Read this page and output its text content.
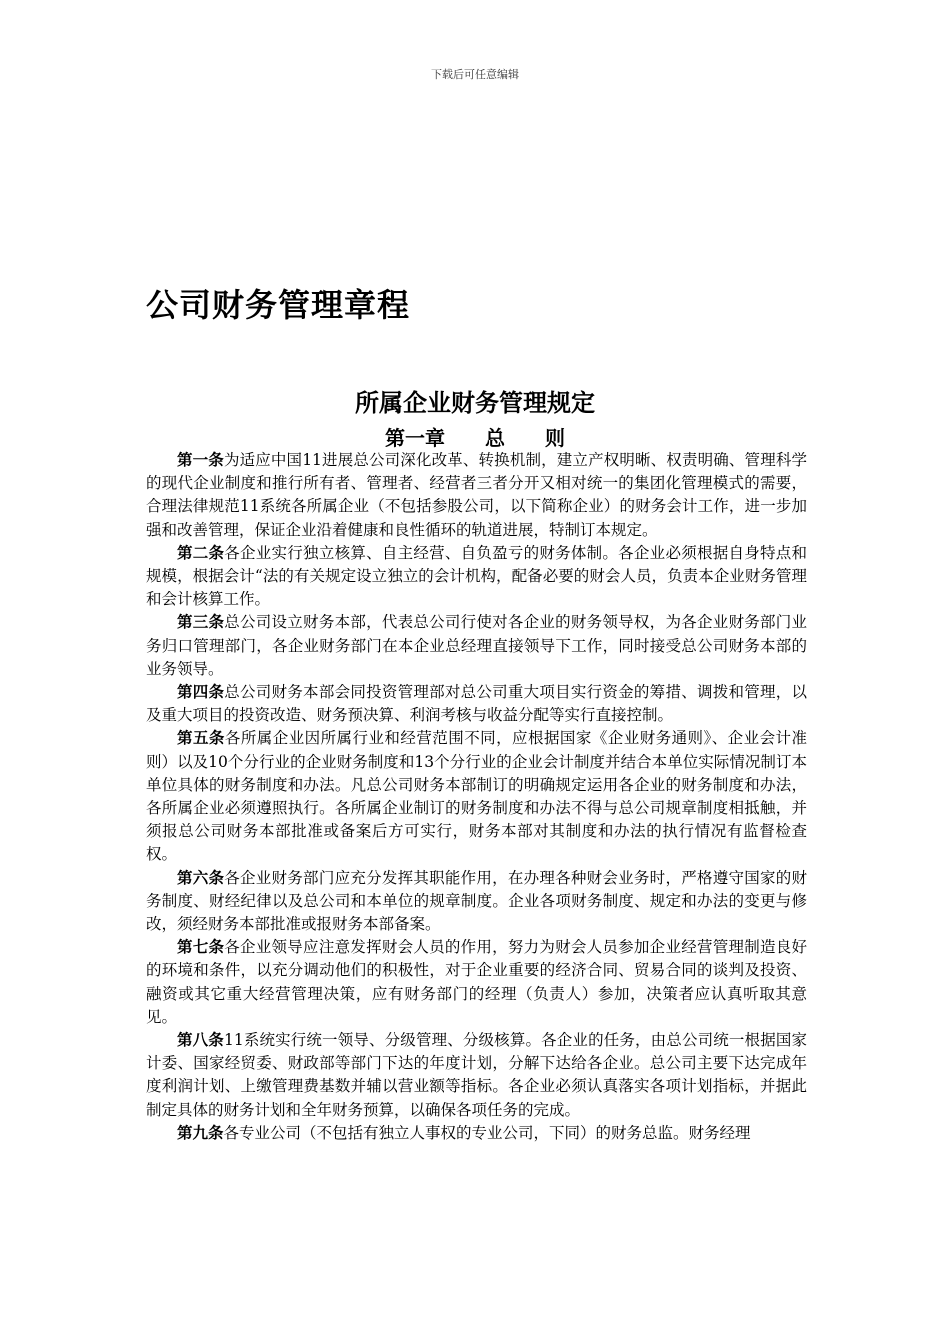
下载后可任意编辑
公司财务管理章程
所属企业财务管理规定
第一章 总 则

第一条为适应中国11进展总公司深化改革、转换机制，建立产权明晰、权责明确、管理科学的现代企业制度和推行所有者、管理者、经营者三者分开又相对统一的集团化管理模式的需要，合理法律规范11系统各所属企业（不包括参股公司，以下简称企业）的财务会计工作，进一步加强和改善管理，保证企业沿着健康和良性循环的轨道进展，特制订本规定。

第二条各企业实行独立核算、自主经营、自负盈亏的财务体制。各企业必须根据自身特点和规模，根据会计“法的有关规定设立独立的会计机构，配备必要的财会人员，负责本企业财务管理和会计核算工作。

第三条总公司设立财务本部，代表总公司行使对各企业的财务领导权，为各企业财务部门业务归口管理部门，各企业财务部门在本企业总经理直接领导下工作，同时接受总公司财务本部的业务领导。

第四条总公司财务本部会同投资管理部对总公司重大项目实行资金的筹措、调拨和管理，以及重大项目的投资改造、财务预决算、利润考核与收益分配等实行直接控制。

第五条各所属企业因所属行业和经营范围不同，应根据国家《企业财务通则》、企业会计准则）以及10个分行业的企业财务制度和13个分行业的企业会计制度并结合本单位实际情况制订本单位具体的财务制度和办法。凡总公司财务本部制订的明确规定运用各企业的财务制度和办法，各所属企业必须遵照执行。各所属企业制订的财务制度和办法不得与总公司规章制度相抵触，并须报总公司财务本部批准或备案后方可实行，财务本部对其制度和办法的执行情况有监督检查权。

第六条各企业财务部门应充分发挥其职能作用，在办理各种财会业务时，严格遵守国家的财务制度、财经纪律以及总公司和本单位的规章制度。企业各项财务制度、规定和办法的变更与修改，须经财务本部批准或报财务本部备案。

第七条各企业领导应注意发挥财会人员的作用，努力为财会人员参加企业经营管理制造良好的环境和条件，以充分调动他们的积极性，对于企业重要的经济合同、贸易合同的谈判及投资、融资或其它重大经营管理决策，应有财务部门的经理（负责人）参加，决策者应认真听取其意见。

第八条11系统实行统一领导、分级管理、分级核算。各企业的任务，由总公司统一根据国家计委、国家经贸委、财政部等部门下达的年度计划，分解下达给各企业。总公司主要下达完成年度利润计划、上缴管理费基数并辅以营业额等指标。各企业必须认真落实各项计划指标，并据此制定具体的财务计划和全年财务预算，以确保各项任务的完成。

第九条各专业公司（不包括有独立人事权的专业公司，下同）的财务总监。财务经理
